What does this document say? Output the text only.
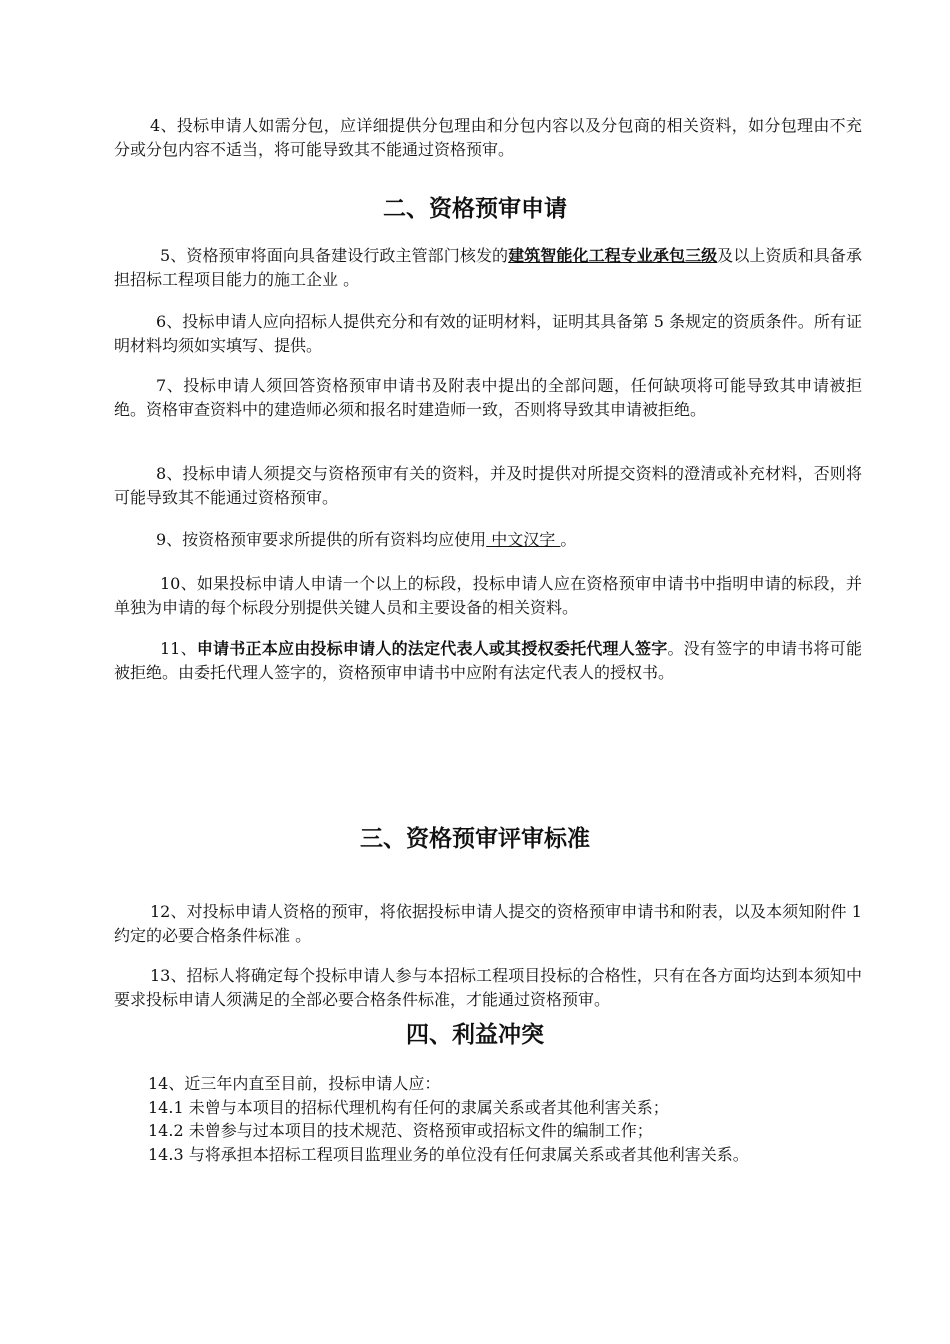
4、投标申请人如需分包，应详细提供分包理由和分包内容以及分包商的相关资料，如分包理由不充分或分包内容不适当，将可能导致其不能通过资格预审。
二、资格预审申请
5、资格预审将面向具备建设行政主管部门核发的建筑智能化工程专业承包三级及以上资质和具备承担招标工程项目能力的施工企业 。
6、投标申请人应向招标人提供充分和有效的证明材料，证明其具备第 5 条规定的资质条件。所有证明材料均须如实填写、提供。
7、投标申请人须回答资格预审申请书及附表中提出的全部问题，任何缺项将可能导致其申请被拒绝。资格审查资料中的建造师必须和报名时建造师一致，否则将导致其申请被拒绝。
8、投标申请人须提交与资格预审有关的资料，并及时提供对所提交资料的澄清或补充材料，否则将可能导致其不能通过资格预审。
9、按资格预审要求所提供的所有资料均应使用 中文汉字 。
10、如果投标申请人申请一个以上的标段，投标申请人应在资格预审申请书中指明申请的标段，并单独为申请的每个标段分别提供关键人员和主要设备的相关资料。
11、申请书正本应由投标申请人的法定代表人或其授权委托代理人签字。没有签字的申请书将可能被拒绝。由委托代理人签字的，资格预审申请书中应附有法定代表人的授权书。
三、资格预审评审标准
12、对投标申请人资格的预审，将依据投标申请人提交的资格预审申请书和附表，以及本须知附件 1 约定的必要合格条件标准 。
13、招标人将确定每个投标申请人参与本招标工程项目投标的合格性，只有在各方面均达到本须知中要求投标申请人须满足的全部必要合格条件标准，才能通过资格预审。
四、利益冲突
14、近三年内直至目前，投标申请人应：
14.1 未曾与本项目的招标代理机构有任何的隶属关系或者其他利害关系；
14.2 未曾参与过本项目的技术规范、资格预审或招标文件的编制工作；
14.3 与将承担本招标工程项目监理业务的单位没有任何隶属关系或者其他利害关系。
